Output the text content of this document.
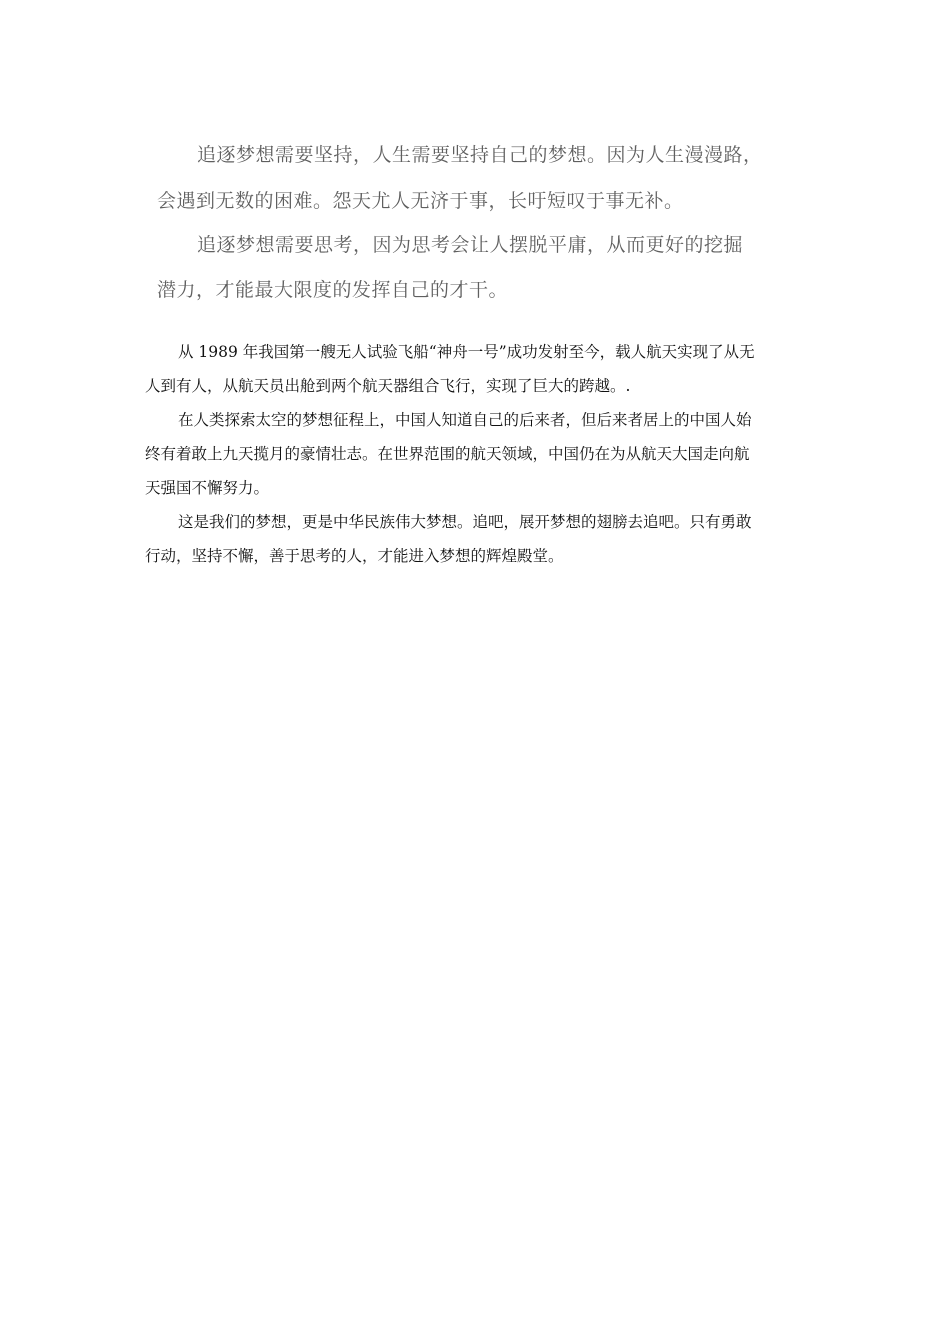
追逐梦想需要坚持，人生需要坚持自己的梦想。因为人生漫漫路，
会遇到无数的困难。怨天尤人无济于事，长吁短叹于事无补。
追逐梦想需要思考，因为思考会让人摆脱平庸，从而更好的挖掘
潜力，才能最大限度的发挥自己的才干。
从 1989 年我国第一艘无人试验飞船“神舟一号”成功发射至今，载人航天实现了从无
人到有人，从航天员出舱到两个航天器组合飞行，实现了巨大的跨越。.
在人类探索太空的梦想征程上，中国人知道自己的后来者，但后来者居上的中国人始
终有着敢上九天揽月的豪情壮志。在世界范围的航天领域，中国仍在为从航天大国走向航
天强国不懈努力。
这是我们的梦想，更是中华民族伟大梦想。追吧，展开梦想的翅膀去追吧。只有勇敢
行动，坚持不懈，善于思考的人，才能进入梦想的辉煌殿堂。
